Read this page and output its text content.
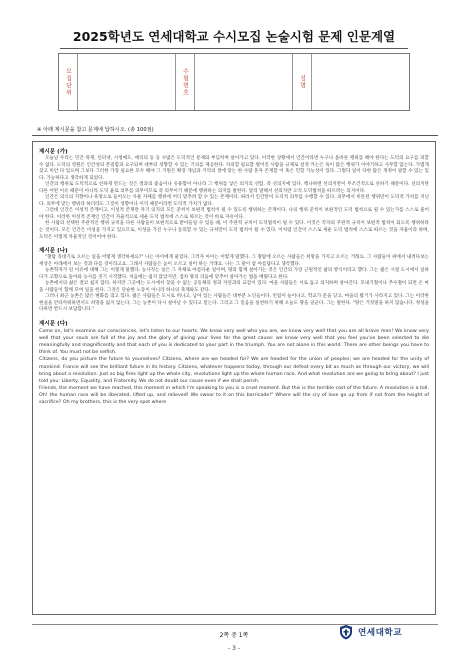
2025학년도 연세대학교 수시모집 논술시험 문제 인문계열
모집단위	수험번호	성명
※ 아래 제시문을 참고 문제에 답하시오. (총 100점)
제시문 (가)

오늘날 우리는 민간 목재, 인터넷, 시청매도, 애리의 등 등 수많은 도덕적인 문제와 부딪히며 살아가고 있다. 이러한 상황에서 인간이라면 누구나 올바른 행위를 해야 한다는 도덕의 요구를 피할 수 없다. 도덕의 영원은 인간성의 본질함과 요구되며 대부터 성향할 수 있는 기의를 제공한다. 자의할 필요할 떨어진 사람을 규제로 설정 카는은 독이 많은 행위가 이야기하고 사무할 않는다. 가볍게 찾고 미안 다 있으며 그보다 그러한 가장 필요한 모두 해야 그 기원은 확장 개념과 기억의 결에 맞는 한 사람 혼자 존재할 이 혹은 민할 가능성이 있다. 그렇다 일이 다한 많은 개정이 말할 수 있는 있다. 가능하다고 생각하게 되었다.

인간의 행위로 도덕적으로 선하게 만드는 것은 결과의 좋음이나 유용함이 아니라 그 행위를 낳은 의지의 선함, 즉 선의지에 있다. 행나하면 선의지만이 무조건적으로 선하기 때문이다. 선의지란 다른 어떤 이유 때문이 아니라 도덕 율로 의무를 의무이므로 즉 의무이기 때문에 행위하는 의지를 말한다. 달리 말해서 선의지란 오직 도덕법칙을 따르려는 의지이다.

인간은 의식의 지향이나 욕망으로 들어오는 사물 자체를 행위에 어디 맞추려 할 수 있는 존재이다. 따라서 인간만이 도덕적 의무를 수행할 수 있다. 의무에서 비롯된 행위만이 도덕적 가치를 지닌다. 의무에 맞는 행위라 하더라도 그것이 성향이나 이익 때문이라면 도덕적 가치가 없다.

그런데 인간은 이성적 존재이고, 이성적 존재란 자기 의지의 모든 준칙이 보편적 법칙이 될 수 있도록 행위하는 존재이다. 나의 행위 준칙이 보편적인 도덕 법칙으로 될 수 있는가를 스스로 물어야 한다. 이러한 이성적 존재인 인간이 자율적으로 세운 도덕 법칙에 스스로 따르는 것이 바로 자유이다.

한 사람의 선택한 주관적인 행위 규칙을 다른 사람들이 보편적으로 받아들일 수 있을 때, 이 주관적 규칙이 도덕법칙이 될 수 있다. 이것은 각자의 주관적 규칙이 보편적 법칙이 되도록 행위하라는 것이다. 모든 인간은 이성을 가지고 있으므로, 이성을 가진 누구나 동의할 수 있는 규칙만이 도덕 법칙이 될 수 있다. 이처럼 인간이 스스로 세운 도덕 법칙에 스스로 따르는 것을 자율이라 하며, 도덕은 이렇게 자율적인 것이어야 한다.

제시문 (나)

"철탑 꼭대기로 오르는 일을 어떻게 생각하세요?" 나는 아이에게 물었다. 그러자 아이는 이렇게 말했다. 그 철탑에 오르는 사람들은 희망을 가지고 오르는 거래요. 그 사람들이 위에서 내려다보는 세상은 아래에서 보는 것과 다를 것이라고요. 그래서 사람들은 높이 오르고 싶어 하는 거래요. 나는 그 말이 참 아름답다고 생각했다.

농촌학자가 된 이유에 대해 그는 이렇게 말했다. 농사짓는 일은 그 자체로 아름다운 일이며, 땅과 함께 살아가는 것은 인간의 가장 근원적인 삶의 방식이라고 했다. 그는 젊은 시절 도시에서 일하다가 고향으로 돌아와 농사를 짓기 시작했다. 처음에는 쉽지 않았지만, 점차 땅의 리듬에 맞추어 살아가는 법을 배웠다고 한다.

농촌에서의 삶은 결코 쉽지 않다. 하지만 그곳에는 도시에서 찾을 수 없는 공동체의 정과 자연과의 교감이 있다. 마을 사람들은 서로 돕고 의지하며 살아간다. 모내기철이나 추수철이 되면 온 마을 사람들이 함께 모여 일을 한다. 그것은 단순한 노동이 아니라 하나의 축제와도 같다.

그러나 최근 농촌은 많은 변화를 겪고 있다. 젊은 사람들은 도시로 떠나고, 남아 있는 사람들은 대부분 노인들이다. 빈집이 늘어나고, 학교가 문을 닫고, 마을의 활기가 사라지고 있다. 그는 이러한 현실을 안타까워하면서도 희망을 잃지 않는다. 그는 농촌이 다시 살아날 수 있다고 믿는다. 그리고 그 믿음을 실천하기 위해 오늘도 땅을 일군다. 그는 말한다. "땅은 거짓말을 하지 않습니다. 정성을 다하면 반드시 보답합니다."

제시문 (다)

Come on, let's examine our consciences, let's listen to our hearts. We know very well who you are, we know very well that you are all brave men! We know very well that your souls are full of the joy and the glory of giving your lives for the great cause: we know very well that you feel you've been selected to die meaningfully and magnificently and that each of you is dedicated to your part in the triumph. You are not alone in this world. There are other beings you have to think of. You must not be selfish.

Citizens, do you picture the future to yourselves? Citizens, where are we headed for? We are headed for the union of peoples; we are headed for the unity of mankind. France will see the brilliant future in its history. Citizens, whatever happens today, through our defeat every bit as much as through our victory, we will bring about a revolution. Just as big fires light up the whole city, revolutions light up the whole human race. And what revolution are we going to bring about? I just told you: Liberty, Equality, and Fraternity. We do not doubt our cause even if we shall perish.

Friends, the moment we have reached, this moment in which I'm speaking to you is a cruel moment. But this is the terrible cost of the future. A revolution is a toll. Oh! the human race will be liberated, lifted up, and relieved! We swear to it on this barricade!" Where will the cry of love go up from if not from the height of sacrifice? Oh my brothers, this is the very spot where

2쪽 중 1쪽	연세대학교
- 3 -
